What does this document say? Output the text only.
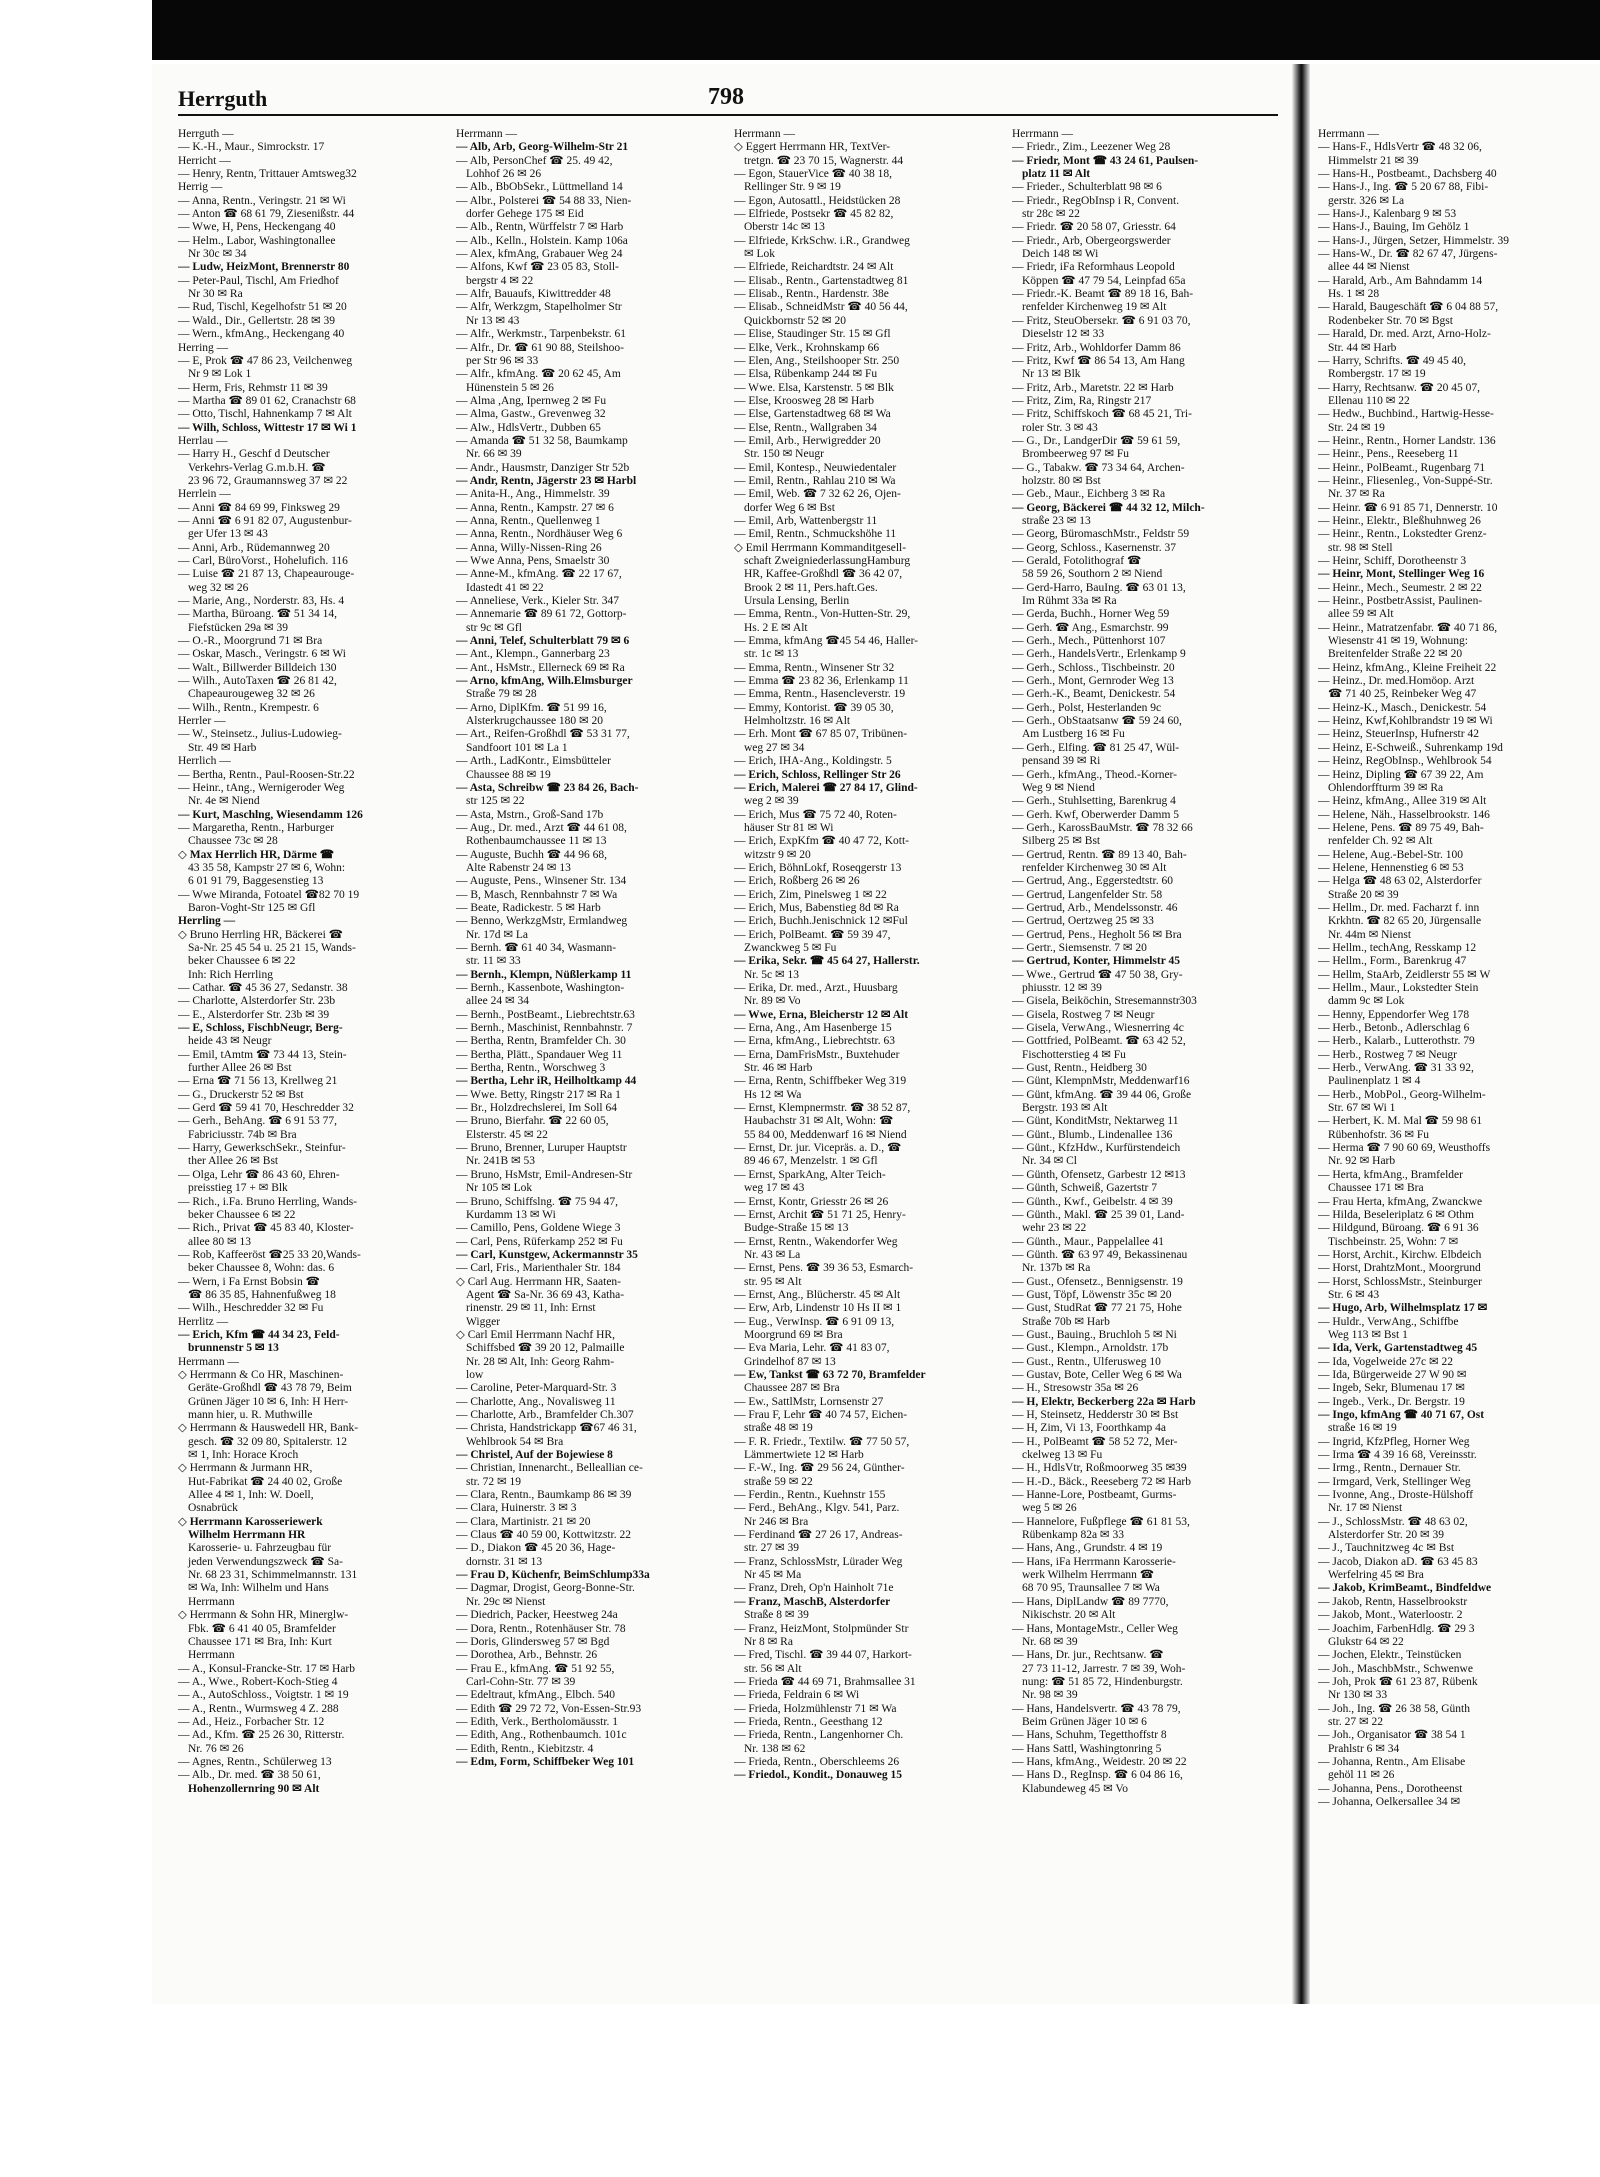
Herrguth	798
Herrguth —
— K.-H., Maur., Simrockstr. 17
Herricht —
— Henry, Rentn, Trittauer Amtsweg32
Herrig —
— Anna, Rentn., Veringstr. 21 ✉ Wi
— Anton ☎ 68 61 79, Ziesenißstr. 44
— Wwe, H, Pens, Heckengang 40
— Helm., Labor, Washingtonallee
Nr 30c ✉ 34
— Ludw, HeizMont, Brennerstr 80
— Peter-Paul, Tischl, Am Friedhof
Nr 30 ✉ Ra
— Rud, Tischl, Kegelhofstr 51 ✉ 20
— Wald., Dir., Gellertstr. 28 ✉ 39
— Wern., kfmAng., Heckengang 40
Herring —
— E, Prok ☎ 47 86 23, Veilchenweg
Nr 9 ✉ Lok 1
— Herm, Fris, Rehmstr 11 ✉ 39
— Martha ☎ 89 01 62, Cranachstr 68
— Otto, Tischl, Hahnenkamp 7 ✉ Alt
— Wilh, Schloss, Wittestr 17 ✉ Wi 1
Herrlau —
— Harry H., Geschf d Deutscher
Verkehrs-Verlag G.m.b.H. ☎
23 96 72, Graumannsweg 37 ✉ 22
Herrlein —
— Anni ☎ 84 69 99, Finksweg 29
— Anni ☎ 6 91 82 07, Augustenbur-
ger Ufer 13 ✉ 43
— Anni, Arb., Rüdemannweg 20
— Carl, BüroVorst., Hohelufich. 116
— Luise ☎ 21 87 13, Chapeaurouge-
weg 32 ✉ 26
— Marie, Ang., Norderstr. 83, Hs. 4
— Martha, Büroang. ☎ 51 34 14,
Fiefstücken 29a ✉ 39
— O.-R., Moorgrund 71 ✉ Bra
— Oskar, Masch., Veringstr. 6 ✉ Wi
— Walt., Billwerder Billdeich 130
— Wilh., AutoTaxen ☎ 26 81 42,
Chapeaurougeweg 32 ✉ 26
— Wilh., Rentn., Krempestr. 6
Herrler —
— W., Steinsetz., Julius-Ludowieg-
Str. 49 ✉ Harb
Herrlich —
— Bertha, Rentn., Paul-Roosen-Str.22
— Heinr., tAng., Wernigeroder Weg
Nr. 4e ✉ Niend
— Kurt, Maschlng, Wiesendamm 126
— Margaretha, Rentn., Harburger
Chaussee 73c ✉ 28
◇ Max Herrlich HR, Därme ☎
43 35 58, Kampstr 27 ✉ 6, Wohn:
6 01 91 79, Baggesenstieg 13
— Wwe Miranda, Fotoatel ☎82 70 19
Baron-Voght-Str 125 ✉ Gfl
Herrling —
◇ Bruno Herrling HR, Bäckerei ☎
Sa-Nr. 25 45 54 u. 25 21 15, Wands-
beker Chaussee 6 ✉ 22
Inh: Rich Herrling
— Cathar. ☎ 45 36 27, Sedanstr. 38
— Charlotte, Alsterdorfer Str. 23b
— E., Alsterdorfer Str. 23b ✉ 39
— E, Schloss, FischbNeugr, Berg-
heide 43 ✉ Neugr
— Emil, tAmtm ☎ 73 44 13, Stein-
further Allee 26 ✉ Bst
— Erna ☎ 71 56 13, Krellweg 21
— G., Druckerstr 52 ✉ Bst
— Gerd ☎ 59 41 70, Heschredder 32
— Gerh., BehAng. ☎ 6 91 53 77,
Fabriciusstr. 74b ✉ Bra
— Harry, GewerkschSekr., Steinfur-
ther Allee 26 ✉ Bst
— Olga, Lehr ☎ 86 43 60, Ehren-
preisstieg 17 + ✉ Blk
— Rich., i.Fa. Bruno Herrling, Wands-
beker Chaussee 6 ✉ 22
— Rich., Privat ☎ 45 83 40, Kloster-
allee 80 ✉ 13
— Rob, Kaffeeröst ☎25 33 20,Wands-
beker Chaussee 8, Wohn: das. 6
— Wern, i Fa Ernst Bobsin ☎
☎ 86 35 85, Hahnenfußweg 18
— Wilh., Heschredder 32 ✉ Fu
Herrlitz —
— Erich, Kfm ☎ 44 34 23, Feld-
brunnenstr 5 ✉ 13
Herrmann —
◇ Herrmann & Co HR, Maschinen-
Geräte-Großhdl ☎ 43 78 79, Beim
Grünen Jäger 10 ✉ 6, Inh: H Herr-
mann hier, u. R. Muthwille
◇ Herrmann & Hauswedell HR, Bank-
gesch. ☎ 32 09 80, Spitalerstr. 12
✉ 1, Inh: Horace Kroch
◇ Herrmann & Jurmann HR,
Hut-Fabrikat ☎ 24 40 02, Große
Allee 4 ✉ 1, Inh: W. Doell,
Osnabrück
◇ Herrmann Karosseriewerk
Wilhelm Herrmann HR
Karosserie- u. Fahrzeugbau für
jeden Verwendungszweck ☎ Sa-
Nr. 68 23 31, Schimmelmannstr. 131
✉ Wa, Inh: Wilhelm und Hans
Herrmann
◇ Herrmann & Sohn HR, Minerglw-
Fbk. ☎ 6 41 40 05, Bramfelder
Chaussee 171 ✉ Bra, Inh: Kurt
Herrmann
— A., Konsul-Francke-Str. 17 ✉ Harb
— A., Wwe., Robert-Koch-Stieg 4
— A., AutoSchloss., Voigtstr. 1 ✉ 19
— A., Rentn., Wurmsweg 4 Z. 288
— Ad., Heiz., Forbacher Str. 12
— Ad., Kfm. ☎ 25 26 30, Ritterstr.
Nr. 76 ✉ 26
— Agnes, Rentn., Schülerweg 13
— Alb., Dr. med. ☎ 38 50 61,
Hohenzollernring 90 ✉ Alt
Herrmann —
— Alb, Arb, Georg-Wilhelm-Str 21
— Alb, PersonChef ☎ 25. 49 42,
Lohhof 26 ✉ 26
— Alb., BbObSekr., Lüttmelland 14
— Albr., Polsterei ☎ 54 88 33, Nien-
dorfer Gehege 175 ✉ Eid
— Alb., Rentn, Würffelstr 7 ✉ Harb
— Alb., Kelln., Holstein. Kamp 106a
— Alex, kfmAng, Grabauer Weg 24
— Alfons, Kwf ☎ 23 05 83, Stoll-
bergstr 4 ✉ 22
— Alfr, Bauaufs, Kiwittredder 48
— Alfr, Werkzgm, Stapelholmer Str
Nr 13 ✉ 43
— Alfr., Werkmstr., Tarpenbekstr. 61
— Alfr., Dr. ☎ 61 90 88, Steilshoo-
per Str 96 ✉ 33
— Alfr., kfmAng. ☎ 20 62 45, Am
Hünenstein 5 ✉ 26
— Alma ,Ang, Ipernweg 2 ✉ Fu
— Alma, Gastw., Grevenweg 32
— Alw., HdlsVertr., Dubben 65
— Amanda ☎ 51 32 58, Baumkamp
Nr. 66 ✉ 39
— Andr., Hausmstr, Danziger Str 52b
— Andr, Rentn, Jägerstr 23 ✉ Harbl
— Anita-H., Ang., Himmelstr. 39
— Anna, Rentn., Kampstr. 27 ✉ 6
— Anna, Rentn., Quellenweg 1
— Anna, Rentn., Nordhäuser Weg 6
— Anna, Willy-Nissen-Ring 26
— Wwe Anna, Pens, Smaelstr 30
— Anne-M., kfmAng. ☎ 22 17 67,
Idastedt 41 ✉ 22
— Anneliese, Verk., Kieler Str. 347
— Annemarie ☎ 89 61 72, Gottorp-
str 9c ✉ Gfl
— Anni, Telef, Schulterblatt 79 ✉ 6
— Ant., Klempn., Gannerbarg 23
— Ant., HsMstr., Ellerneck 69 ✉ Ra
— Arno, kfmAng, Wilh.Elmsburger
Straße 79 ✉ 28
— Arno, DiplKfm. ☎ 51 99 16,
Alsterkrugchaussee 180 ✉ 20
— Art., Reifen-Großhdl ☎ 53 31 77,
Sandfoort 101 ✉ La 1
— Arth., LadKontr., Eimsbütteler
Chaussee 88 ✉ 19
— Asta, Schreibw ☎ 23 84 26, Bach-
str 125 ✉ 22
— Asta, Mstrn., Groß-Sand 17b
— Aug., Dr. med., Arzt ☎ 44 61 08,
Rothenbaumchaussee 11 ✉ 13
— Auguste, Buchh ☎ 44 96 68,
Alte Rabenstr 24 ✉ 13
— Auguste, Pens., Winsener Str. 134
— B, Masch, Rennbahnstr 7 ✉ Wa
— Beate, Radickestr. 5 ✉ Harb
— Benno, WerkzgMstr, Ermlandweg
Nr. 17d ✉ La
— Bernh. ☎ 61 40 34, Wasmann-
str. 11 ✉ 33
— Bernh., Klempn, Nüßlerkamp 11
— Bernh., Kassenbote, Washington-
allee 24 ✉ 34
— Bernh., PostBeamt., Liebrechtstr.63
— Bernh., Maschinist, Rennbahnstr. 7
— Bertha, Rentn, Bramfelder Ch. 30
— Bertha, Plätt., Spandauer Weg 11
— Bertha, Rentn., Worschweg 3
— Bertha, Lehr iR, Heilholtkamp 44
— Wwe. Betty, Ringstr 217 ✉ Ra 1
— Br., Holzdrechslerei, Im Soll 64
— Bruno, Bierfahr. ☎ 22 60 05,
Elsterstr. 45 ✉ 22
— Bruno, Brenner, Luruper Hauptstr
Nr. 241B ✉ 53
— Bruno, HsMstr, Emil-Andresen-Str
Nr 105 ✉ Lok
— Bruno, Schiffslng. ☎ 75 94 47,
Kurdamm 13 ✉ Wi
— Camillo, Pens, Goldene Wiege 3
— Carl, Pens, Rüferkamp 252 ✉ Fu
— Carl, Kunstgew, Ackermannstr 35
— Carl, Fris., Marienthaler Str. 184
◇ Carl Aug. Herrmann HR, Saaten-
Agent ☎ Sa-Nr. 36 69 43, Katha-
rinenstr. 29 ✉ 11, Inh: Ernst
Wigger
◇ Carl Emil Herrmann Nachf HR,
Schiffsbed ☎ 39 20 12, Palmaille
Nr. 28 ✉ Alt, Inh: Georg Rahm-
low
— Caroline, Peter-Marquard-Str. 3
— Charlotte, Ang., Novalisweg 11
— Charlotte, Arb., Bramfelder Ch.307
— Christa, Handstrickapp ☎67 46 31,
Wehlbrook 54 ✉ Bra
— Christel, Auf der Bojewiese 8
— Christian, Innenarcht., Belleallian ce-
str. 72 ✉ 19
— Clara, Rentn., Baumkamp 86 ✉ 39
— Clara, Huinerstr. 3 ✉ 3
— Clara, Martinistr. 21 ✉ 20
— Claus ☎ 40 59 00, Kottwitzstr. 22
— D., Diakon ☎ 45 20 36, Hage-
dornstr. 31 ✉ 13
— Frau D, Küchenfr, BeimSchlump33a
— Dagmar, Drogist, Georg-Bonne-Str.
Nr. 29c ✉ Nienst
— Diedrich, Packer, Heestweg 24a
— Dora, Rentn., Rotenhäuser Str. 78
— Doris, Glindersweg 57 ✉ Bgd
— Dorothea, Arb., Behnstr. 26
— Frau E., kfmAng. ☎ 51 92 55,
Carl-Cohn-Str. 77 ✉ 39
— Edeltraut, kfmAng., Elbch. 540
— Edith ☎ 29 72 72, Von-Essen-Str.93
— Edith, Verk., Bertholomäusstr. 1
— Edith, Ang., Rothenbaumch. 101c
— Edith, Rentn., Kiebitzstr. 4
— Edm, Form, Schiffbeker Weg 101
Herrmann —
◇ Eggert Herrmann HR, TextVer-
tretgn. ☎ 23 70 15, Wagnerstr. 44
— Egon, StauerVice ☎ 40 38 18,
Rellinger Str. 9 ✉ 19
— Egon, Autosattl., Heidstücken 28
— Elfriede, Postsekr ☎ 45 82 82,
Oberstr 14c ✉ 13
— Elfriede, KrkSchw. i.R., Grandweg
✉ Lok
— Elfriede, Reichardtstr. 24 ✉ Alt
— Elisab., Rentn., Gartenstadtweg 81
— Elisab., Rentn., Hardenstr. 38e
— Elisab., SchneidMstr ☎ 40 56 44,
Quickbornstr 52 ✉ 20
— Elise, Staudinger Str. 15 ✉ Gfl
— Elke, Verk., Krohnskamp 66
— Elen, Ang., Steilshooper Str. 250
— Elsa, Rübenkamp 244 ✉ Fu
— Wwe. Elsa, Karstenstr. 5 ✉ Blk
— Else, Kroosweg 28 ✉ Harb
— Else, Gartenstadtweg 68 ✉ Wa
— Else, Rentn., Wallgraben 34
— Emil, Arb., Herwigredder 20
Str. 150 ✉ Neugr
— Emil, Kontesp., Neuwiedentaler
— Emil, Rentn., Rahlau 210 ✉ Wa
— Emil, Web. ☎ 7 32 62 26, Ojen-
dorfer Weg 6 ✉ Bst
— Emil, Arb, Wattenbergstr 11
— Emil, Rentn., Schmuckshöhe 11
◇ Emil Herrmann Kommanditgesell-
schaft ZweigniederlassungHamburg
HR, Kaffee-Großhdl ☎ 36 42 07,
Brook 2 ✉ 11, Pers.haft.Ges.
Ursula Lensing, Berlin
— Emma, Rentn., Von-Hutten-Str. 29,
Hs. 2 E ✉ Alt
— Emma, kfmAng ☎45 54 46, Haller-
str. 1c ✉ 13
— Emma, Rentn., Winsener Str 32
— Emma ☎ 23 82 36, Erlenkamp 11
— Emma, Rentn., Hasencleverstr. 19
— Emmy, Kontorist. ☎ 39 05 30,
Helmholtzstr. 16 ✉ Alt
— Erh. Mont ☎ 67 85 07, Tribünen-
weg 27 ✉ 34
— Erich, IHA-Ang., Koldingstr. 5
— Erich, Schloss, Rellinger Str 26
— Erich, Malerei ☎ 27 84 17, Glind-
weg 2 ✉ 39
— Erich, Mus ☎ 75 72 40, Roten-
häuser Str 81 ✉ Wi
— Erich, ExpKfm ☎ 40 47 72, Kott-
witzstr 9 ✉ 20
— Erich, BöhnLokf, Roseqgerstr 13
— Erich, Roßberg 26 ✉ 26
— Erich, Zim, Pinelsweg 1 ✉ 22
— Erich, Mus, Babenstieg 8d ✉ Ra
— Erich, Buchh.Jenischnick 12 ✉Ful
— Erich, PolBeamt. ☎ 59 39 47,
Zwanckweg 5 ✉ Fu
— Erika, Sekr. ☎ 45 64 27, Hallerstr.
Nr. 5c ✉ 13
— Erika, Dr. med., Arzt., Huusbarg
Nr. 89 ✉ Vo
— Wwe, Erna, Bleicherstr 12 ✉ Alt
— Erna, Ang., Am Hasenberge 15
— Erna, kfmAng., Liebrechtstr. 63
— Erna, DamFrisMstr., Buxtehuder
Str. 46 ✉ Harb
— Erna, Rentn, Schiffbeker Weg 319
Hs 12 ✉ Wa
— Ernst, Klempnermstr. ☎ 38 52 87,
Haubachstr 31 ✉ Alt, Wohn: ☎
55 84 00, Meddenwarf 16 ✉ Niend
— Ernst, Dr. jur. Vicepräs. a. D., ☎
89 46 67, Menzelstr. 1 ✉ Gfl
— Ernst, SparkAng, Alter Teich-
weg 17 ✉ 43
— Ernst, Kontr, Griesstr 26 ✉ 26
— Ernst, Archit ☎ 51 71 25, Henry-
Budge-Straße 15 ✉ 13
— Ernst, Rentn., Wakendorfer Weg
Nr. 43 ✉ La
— Ernst, Pens. ☎ 39 36 53, Esmarch-
str. 95 ✉ Alt
— Ernst, Ang., Blücherstr. 45 ✉ Alt
— Erw, Arb, Lindenstr 10 Hs II ✉ 1
— Eug., VerwInsp. ☎ 6 91 09 13,
Moorgrund 69 ✉ Bra
— Eva Maria, Lehr. ☎ 41 83 07,
Grindelhof 87 ✉ 13
— Ew, Tankst ☎ 63 72 70, Bramfelder
Chaussee 287 ✉ Bra
— Ew., SattlMstr, Lornsenstr 27
— Frau F, Lehr ☎ 40 74 57, Eichen-
straße 48 ✉ 19
— F. R. Friedr., Textilw. ☎ 77 50 57,
Lämmertwiete 12 ✉ Harb
— F.-W., Ing. ☎ 29 56 24, Günther-
straße 59 ✉ 22
— Ferdin., Rentn., Kuehnstr 155
— Ferd., BehAng., Klgv. 541, Parz.
Nr 246 ✉ Bra
— Ferdinand ☎ 27 26 17, Andreas-
str. 27 ✉ 39
— Franz, SchlossMstr, Lürader Weg
Nr 45 ✉ Ma
— Franz, Dreh, Op'n Hainholt 71e
— Franz, MaschB, Alsterdorfer
Straße 8 ✉ 39
— Franz, HeizMont, Stolpmünder Str
Nr 8 ✉ Ra
— Fred, Tischl. ☎ 39 44 07, Harkort-
str. 56 ✉ Alt
— Frieda ☎ 44 69 71, Brahmsallee 31
— Frieda, Feldrain 6 ✉ Wi
— Frieda, Holzmühlenstr 71 ✉ Wa
— Frieda, Rentn., Geesthang 12
— Frieda, Rentn., Langenhorner Ch.
Nr. 138 ✉ 62
— Frieda, Rentn., Oberschleems 26
— Friedol., Kondit., Donauweg 15
Herrmann —
— Friedr., Zim., Leezener Weg 28
— Friedr, Mont ☎ 43 24 61, Paulsen-
platz 11 ✉ Alt
— Frieder., Schulterblatt 98 ✉ 6
— Friedr., RegObInsp i R, Convent.
str 28c ✉ 22
— Friedr. ☎ 20 58 07, Griesstr. 64
— Friedr., Arb, Obergeorgswerder
Deich 148 ✉ Wi
— Friedr, iFa Reformhaus Leopold
Köppen ☎ 47 79 54, Leinpfad 65a
— Friedr.-K. Beamt ☎ 89 18 16, Bah-
renfelder Kirchenweg 19 ✉ Alt
— Fritz, SteuObersekr. ☎ 6 91 03 70,
Dieselstr 12 ✉ 33
— Fritz, Arb., Wohldorfer Damm 86
— Fritz, Kwf ☎ 86 54 13, Am Hang
Nr 13 ✉ Blk
— Fritz, Arb., Maretstr. 22 ✉ Harb
— Fritz, Zim, Ra, Ringstr 217
— Fritz, Schiffskoch ☎ 68 45 21, Tri-
roler Str. 3 ✉ 43
— G., Dr., LandgerDir ☎ 59 61 59,
Brombeerweg 97 ✉ Fu
— G., Tabakw. ☎ 73 34 64, Archen-
holzstr. 80 ✉ Bst
— Geb., Maur., Eichberg 3 ✉ Ra
— Georg, Bäckerei ☎ 44 32 12, Milch-
straße 23 ✉ 13
— Georg, BüromaschMstr., Feldstr 59
— Georg, Schloss., Kasernenstr. 37
— Gerald, Fotolithograf ☎
58 59 26, Southorn 2 ✉ Niend
— Gerd-Harro, BauIng. ☎ 63 01 13,
Im Rühmt 33a ✉ Ra
— Gerda, Buchh., Horner Weg 59
— Gerh. ☎ Ang., Esmarchstr. 99
— Gerh., Mech., Püttenhorst 107
— Gerh., HandelsVertr., Erlenkamp 9
— Gerh., Schloss., Tischbeinstr. 20
— Gerh., Mont, Gernroder Weg 13
— Gerh.-K., Beamt, Denickestr. 54
— Gerh., Polst, Hesterlanden 9c
— Gerh., ObStaatsanw ☎ 59 24 60,
Am Lustberg 16 ✉ Fu
— Gerh., Elfing. ☎ 81 25 47, Wül-
pensand 39 ✉ Ri
— Gerh., kfmAng., Theod.-Korner-
Weg 9 ✉ Niend
— Gerh., Stuhlsetting, Barenkrug 4
— Gerh. Kwf, Oberwerder Damm 5
— Gerh., KarossBauMstr. ☎ 78 32 66
Silberg 25 ✉ Bst
— Gertrud, Rentn. ☎ 89 13 40, Bah-
renfelder Kirchenweg 30 ✉ Alt
— Gertrud, Ang., Eggerstedtstr. 60
— Gertrud, Langenfelder Str. 58
— Gertrud, Arb., Mendelssonstr. 46
— Gertrud, Oertzweg 25 ✉ 33
— Gertrud, Pens., Hegholt 56 ✉ Bra
— Gertr., Siemsenstr. 7 ✉ 20
— Gertrud, Konter, Himmelstr 45
— Wwe., Gertrud ☎ 47 50 38, Gry-
phiusstr. 12 ✉ 39
— Gisela, Beiköchin, Stresemannstr303
— Gisela, Rostweg 7 ✉ Neugr
— Gisela, VerwAng., Wiesnerring 4c
— Gottfried, PolBeamt. ☎ 63 42 52,
Fischotterstieg 4 ✉ Fu
— Gust, Rentn., Heidberg 30
— Günt, KlempnMstr, Meddenwarf16
— Günt, kfmAng. ☎ 39 44 06, Große
Bergstr. 193 ✉ Alt
— Günt, KonditMstr, Nektarweg 11
— Günt., Blumb., Lindenallee 136
— Günt., KfzHdw., Kurfürstendeich
Nr. 34 ✉ Cl
— Günth, Ofensetz, Garbestr 12 ✉13
— Günth, Schweiß, Gazertstr 7
— Günth., Kwf., Geibelstr. 4 ✉ 39
— Günth., Makl. ☎ 25 39 01, Land-
wehr 23 ✉ 22
— Günth., Maur., Pappelallee 41
— Günth. ☎ 63 97 49, Bekassinenau
Nr. 137b ✉ Ra
— Gust., Ofensetz., Bennigsenstr. 19
— Gust, Töpf, Löwenstr 35c ✉ 20
— Gust, StudRat ☎ 77 21 75, Hohe
Straße 70b ✉ Harb
— Gust., Bauing., Bruchloh 5 ✉ Ni
— Gust., Klempn., Arnoldstr. 17b
— Gust., Rentn., Ulferusweg 10
— Gustav, Bote, Celler Weg 6 ✉ Wa
— H., Stresowstr 35a ✉ 26
— H, Elektr, Beckerberg 22a ✉ Harb
— H, Steinsetz, Hedderstr 30 ✉ Bst
— H, Zim, Vi 13, Foorthkamp 4a
— H., PolBeamt ☎ 58 52 72, Mer-
ckelweg 13 ✉ Fu
— H., HdlsVtr, Roßmoorweg 35 ✉39
— H.-D., Bäck., Reeseberg 72 ✉ Harb
— Hanne-Lore, Postbeamt, Gurms-
weg 5 ✉ 26
— Hannelore, Fußpflege ☎ 61 81 53,
Rübenkamp 82a ✉ 33
— Hans, Ang., Grundstr. 4 ✉ 19
— Hans, iFa Herrmann Karosserie-
werk Wilhelm Herrmann ☎
68 70 95, Traunsallee 7 ✉ Wa
— Hans, DiplLandw ☎ 89 7770,
Nikischstr. 20 ✉ Alt
— Hans, MontageMstr., Celler Weg
Nr. 68 ✉ 39
— Hans, Dr. jur., Rechtsanw. ☎
27 73 11-12, Jarrestr. 7 ✉ 39, Woh-
nung: ☎ 51 85 72, Hindenburgstr.
Nr. 98 ✉ 39
— Hans, Handelsvertr. ☎ 43 78 79,
Beim Grünen Jäger 10 ✉ 6
— Hans, Schuhm, Tegetthoffstr 8
— Hans Sattl, Washingtonring 5
— Hans, kfmAng., Weidestr. 20 ✉ 22
— Hans D., RegInsp. ☎ 6 04 86 16,
Klabundeweg 45 ✉ Vo
Herrmann —
— Hans-F., HdlsVertr ☎ 48 32 06,
Himmelstr 21 ✉ 39
— Hans-H., Postbeamt., Dachsberg 40
— Hans-J., Ing. ☎ 5 20 67 88, Fibi-
gerstr. 326 ✉ La
— Hans-J., Kalenbarg 9 ✉ 53
— Hans-J., Bauing, Im Gehölz 1
— Hans-J., Jürgen, Setzer, Himmelstr. 39
— Hans-W., Dr. ☎ 82 67 47, Jürgens-
allee 44 ✉ Nienst
— Harald, Arb., Am Bahndamm 14
Hs. 1 ✉ 28
— Harald, Baugeschäft ☎ 6 04 88 57,
Rodenbeker Str. 70 ✉ Bgst
— Harald, Dr. med. Arzt, Arno-Holz-
Str. 44 ✉ Harb
— Harry, Schrifts. ☎ 49 45 40,
Rombergstr. 17 ✉ 19
— Harry, Rechtsanw. ☎ 20 45 07,
Ellenau 110 ✉ 22
— Hedw., Buchbind., Hartwig-Hesse-
Str. 24 ✉ 19
— Heinr., Rentn., Horner Landstr. 136
— Heinr., Pens., Reeseberg 11
— Heinr., PolBeamt., Rugenbarg 71
— Heinr., Fliesenleg., Von-Suppé-Str.
Nr. 37 ✉ Ra
— Heinr. ☎ 6 91 85 71, Dennerstr. 10
— Heinr., Elektr., Bleßhuhnweg 26
— Heinr., Rentn., Lokstedter Grenz-
str. 98 ✉ Stell
— Heinr, Schiff, Dorotheenstr 3
— Heinr, Mont, Stellinger Weg 16
— Heinr., Mech., Seumestr. 2 ✉ 22
— Heinr., PostbetrAssist, Paulinen-
allee 59 ✉ Alt
— Heinr., Matratzenfabr. ☎ 40 71 86,
Wiesenstr 41 ✉ 19, Wohnung:
Breitenfelder Straße 22 ✉ 20
— Heinz, kfmAng., Kleine Freiheit 22
— Heinz., Dr. med.Homöop. Arzt
☎ 71 40 25, Reinbeker Weg 47
— Heinz-K., Masch., Denickestr. 54
— Heinz, Kwf,Kohlbrandstr 19 ✉ Wi
— Heinz, SteuerInsp, Hufnerstr 42
— Heinz, E-Schweiß., Suhrenkamp 19d
— Heinz, RegObInsp., Wehlbrook 54
— Heinz, Dipling ☎ 67 39 22, Am
Ohlendorffturm 39 ✉ Ra
— Heinz, kfmAng., Allee 319 ✉ Alt
— Helene, Näh., Hasselbrookstr. 146
— Helene, Pens. ☎ 89 75 49, Bah-
renfelder Ch. 92 ✉ Alt
— Helene, Aug.-Bebel-Str. 100
— Helene, Hennenstieg 6 ✉ 53
— Helga ☎ 48 63 02, Alsterdorfer
Straße 20 ✉ 39
— Hellm., Dr. med. Facharzt f. inn
Krkhtn. ☎ 82 65 20, Jürgensalle
Nr. 44m ✉ Nienst
— Hellm., techAng, Resskamp 12
— Hellm., Form., Barenkrug 47
— Hellm, StaArb, Zeidlerstr 55 ✉ W
— Hellm., Maur., Lokstedter Stein
damm 9c ✉ Lok
— Henny, Eppendorfer Weg 178
— Herb., Betonb., Adlerschlag 6
— Herb., Kalarb., Lutterothstr. 79
— Herb., Rostweg 7 ✉ Neugr
— Herb., VerwAng. ☎ 31 33 92,
Paulinenplatz 1 ✉ 4
— Herb., MobPol., Georg-Wilhelm-
Str. 67 ✉ Wi 1
— Herbert, K. M. Mal ☎ 59 98 61
Rübenhofstr. 36 ✉ Fu
— Herma ☎ 7 90 60 69, Weusthoffs
Nr. 92 ✉ Harb
— Herta, kfmAng., Bramfelder
Chaussee 171 ✉ Bra
— Frau Herta, kfmAng, Zwanckwe
— Hilda, Beseleriplatz 6 ✉ Othm
— Hildgund, Büroang. ☎ 6 91 36
Tischbeinstr. 25, Wohn: 7 ✉
— Horst, Archit., Kirchw. Elbdeich
— Horst, DrahtzMont., Moorgrund
— Horst, SchlossMstr., Steinburger
Str. 6 ✉ 43
— Hugo, Arb, Wilhelmsplatz 17 ✉
— Huldr., VerwAng., Schiffbe
Weg 113 ✉ Bst 1
— Ida, Verk, Gartenstadtweg 45
— Ida, Vogelweide 27c ✉ 22
— Ida, Bürgerweide 27 W 90 ✉
— Ingeb, Sekr, Blumenau 17 ✉
— Ingeb., Verk., Dr. Bergstr. 19
— Ingo, kfmAng ☎ 40 71 67, Ost
straße 16 ✉ 19
— Ingrid, KfzPfleg, Horner Weg
— Irma ☎ 4 39 16 68, Vereinsstr.
— Irmg., Rentn., Dernauer Str.
— Irmgard, Verk, Stellinger Weg
— Ivonne, Ang., Droste-Hülshoff
Nr. 17 ✉ Nienst
— J., SchlossMstr. ☎ 48 63 02,
Alsterdorfer Str. 20 ✉ 39
— J., Tauchnitzweg 4c ✉ Bst
— Jacob, Diakon aD. ☎ 63 45 83
Werfelring 45 ✉ Bra
— Jakob, KrimBeamt., Bindfeldwe
— Jakob, Rentn, Hasselbrookstr
— Jakob, Mont., Waterloostr. 2
— Joachim, FarbenHdlg. ☎ 29 3
Glukstr 64 ✉ 22
— Jochen, Elektr., Teinstücken
— Joh., MaschbMstr., Schwenwe
— Joh, Prok ☎ 61 23 87, Rübenk
Nr 130 ✉ 33
— Joh., Ing. ☎ 26 38 58, Günth
str. 27 ✉ 22
— Joh., Organisator ☎ 38 54 1
Prahlstr 6 ✉ 34
— Johanna, Rentn., Am Elisabe
gehöl 11 ✉ 26
— Johanna, Pens., Dorotheenst
— Johanna, Oelkersallee 34 ✉
